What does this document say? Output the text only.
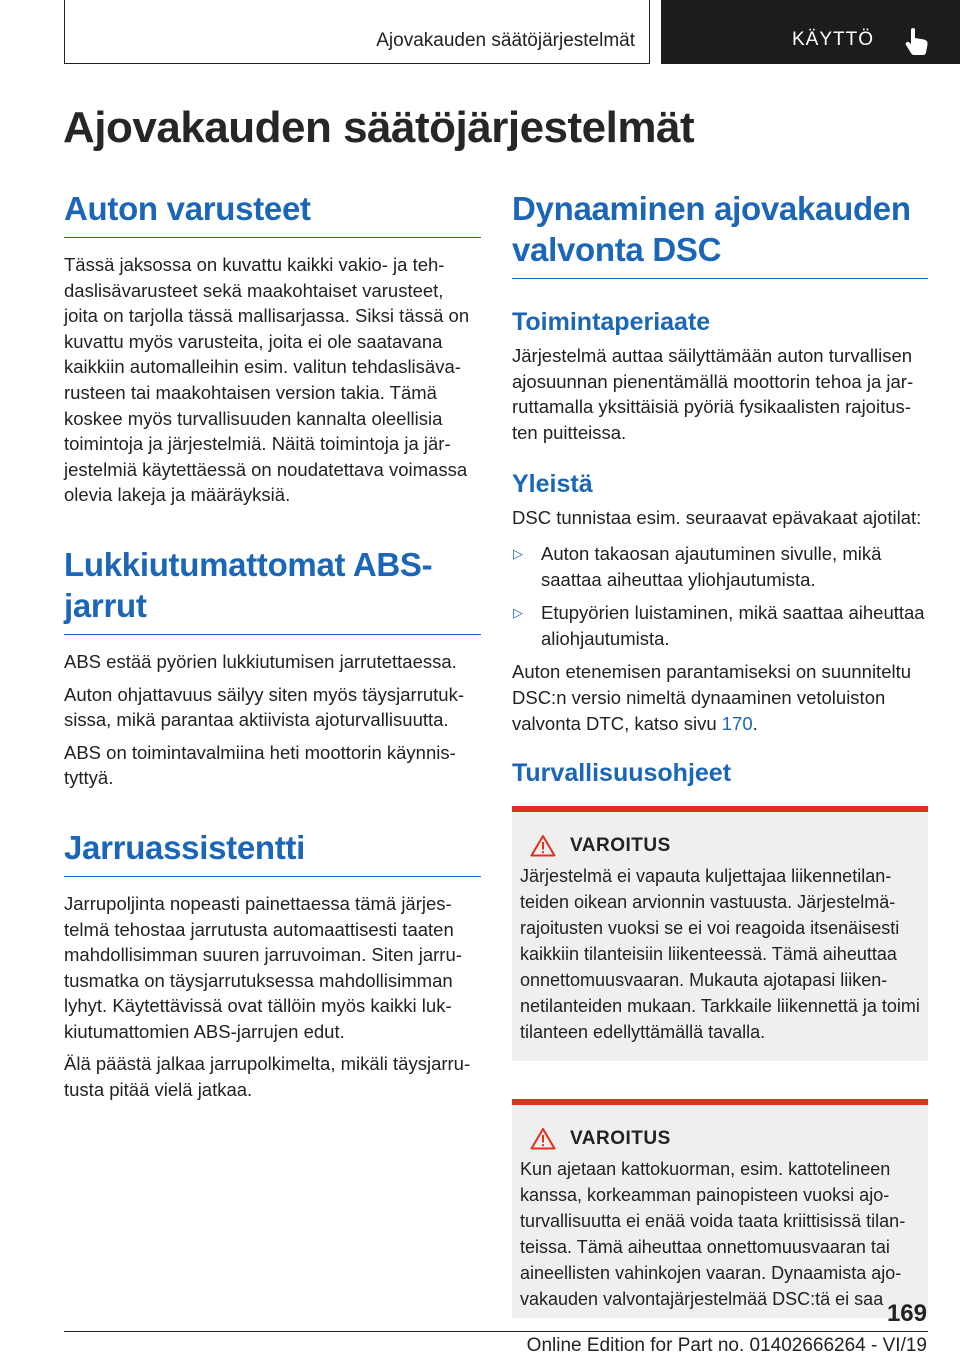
Ajovakauden säätöjärjestelmät	KÄYTTÖ
Ajovakauden säätöjärjestelmät
Auton varusteet

Tässä jaksossa on kuvattu kaikki vakio- ja tehdaslisävarusteet sekä maakohtaiset varusteet, joita on tarjolla tässä mallisarjassa. Siksi tässä on kuvattu myös varusteita, joita ei ole saatavana kaikkiin automalleihin esim. valitun tehdaslisävarusteen tai maakohtaisen version takia. Tämä koskee myös turvallisuuden kannalta oleellisia toimintoja ja järjestelmiä. Näitä toimintoja ja järjestelmiä käytettäessä on noudatettava voimassa olevia lakeja ja määräyksiä.

Lukkiutumattomat ABS-jarrut

ABS estää pyörien lukkiutumisen jarrutettaessa.

Auton ohjattavuus säilyy siten myös täysjarrutuksissa, mikä parantaa aktiivista ajoturvallisuutta.

ABS on toimintavalmiina heti moottorin käynnistyttyä.

Jarruassistentti

Jarrupoljinta nopeasti painettaessa tämä järjestelmä tehostaa jarrutusta automaattisesti taaten mahdollisimman suuren jarruvoiman. Siten jarrutusmatka on täysjarrutuksessa mahdollisimman lyhyt. Käytettävissä ovat tällöin myös kaikki lukkiutumattomien ABS-jarrujen edut.

Älä päästä jalkaa jarrupolkimelta, mikäli täysjarrutusta pitää vielä jatkaa.

Dynaaminen ajovakauden valvonta DSC
Toimintaperiaate

Järjestelmä auttaa säilyttämään auton turvallisen ajosuunnan pienentämällä moottorin tehoa ja jarruttamalla yksittäisiä pyöriä fysikaalisten rajoitusten puitteissa.

Yleistä

DSC tunnistaa esim. seuraavat epävakaat ajotilat:

▷ Auton takaosan ajautuminen sivulle, mikä saattaa aiheuttaa yliohjautumista.
▷ Etupyörien luistaminen, mikä saattaa aiheuttaa aliohjautumista.

Auton etenemisen parantamiseksi on suunniteltu DSC:n versio nimeltä dynaaminen vetoluiston valvonta DTC, katso sivu 170.

Turvallisuusohjeet
VAROITUS

Järjestelmä ei vapauta kuljettajaa liikennetilanteiden oikean arvionnin vastuusta. Järjestelmärajoitusten vuoksi se ei voi reagoida itsenäisesti kaikkiin tilanteisiin liikenteessä. Tämä aiheuttaa onnettomuusvaaran. Mukauta ajotapasi liikennetilanteiden mukaan. Tarkkaile liikennettä ja toimi tilanteen edellyttämällä tavalla.

VAROITUS

Kun ajetaan kattokuorman, esim. kattotelineen kanssa, korkeamman painopisteen vuoksi ajoturvallisuutta ei enää voida taata kriittisissä tilanteissa. Tämä aiheuttaa onnettomuusvaaran tai aineellisten vahinkojen vaaran. Dynaamista ajovakauden valvontajärjestelmää DSC:tä ei saa

169
Online Edition for Part no. 01402666264 - VI/19
